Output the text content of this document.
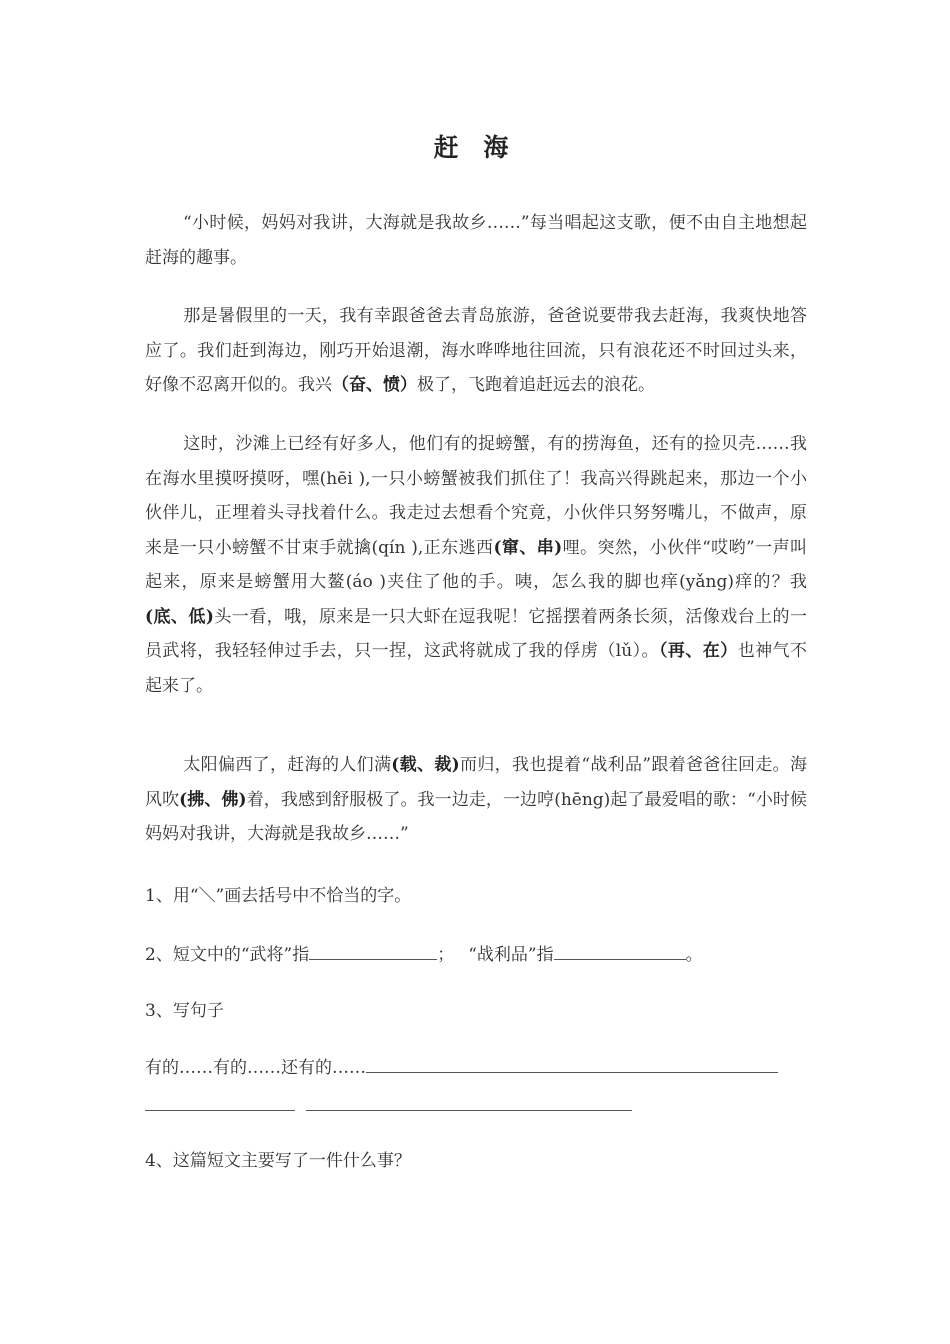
赶 海

“小时候，妈妈对我讲，大海就是我故乡……”每当唱起这支歌，便不由自主地想起赶海的趣事。

那是暑假里的一天，我有幸跟爸爸去青岛旅游，爸爸说要带我去赶海，我爽快地答应了。我们赶到海边，刚巧开始退潮，海水哗哗地往回流，只有浪花还不时回过头来，好像不忍离开似的。我兴（奋、愤）极了，飞跑着追赶远去的浪花。

这时，沙滩上已经有好多人，他们有的捉螃蟹，有的捞海鱼，还有的捡贝壳……我在海水里摸呀摸呀，嘿(hēi ),一只小螃蟹被我们抓住了！我高兴得跳起来，那边一个小伙伴儿，正埋着头寻找着什么。我走过去想看个究竟，小伙伴只努努嘴儿，不做声，原来是一只小螃蟹不甘束手就擒(qín ),正东逃西(窜、串)哩。突然，小伙伴“哎哟”一声叫起来，原来是螃蟹用大鳌(áo )夹住了他的手。咦，怎么我的脚也痒(yǎng)痒的？我(底、低)头一看，哦，原来是一只大虾在逗我呢！它摇摆着两条长须，活像戏台上的一员武将，我轻轻伸过手去，只一捏，这武将就成了我的俘虏（lǔ）。（再、在）也神气不起来了。

太阳偏西了，赶海的人们满(载、裁)而归，我也提着“战利品”跟着爸爸往回走。海风吹(拂、佛)着，我感到舒服极了。我一边走，一边哼(hēng)起了最爱唱的歌：“小时候妈妈对我讲，大海就是我故乡……”

1、用“＼”画去括号中不恰当的字。
2、短文中的“武将”指	； “战利品”指	。
3、写句子
有的……有的……还有的……
4、这篇短文主要写了一件什么事？
